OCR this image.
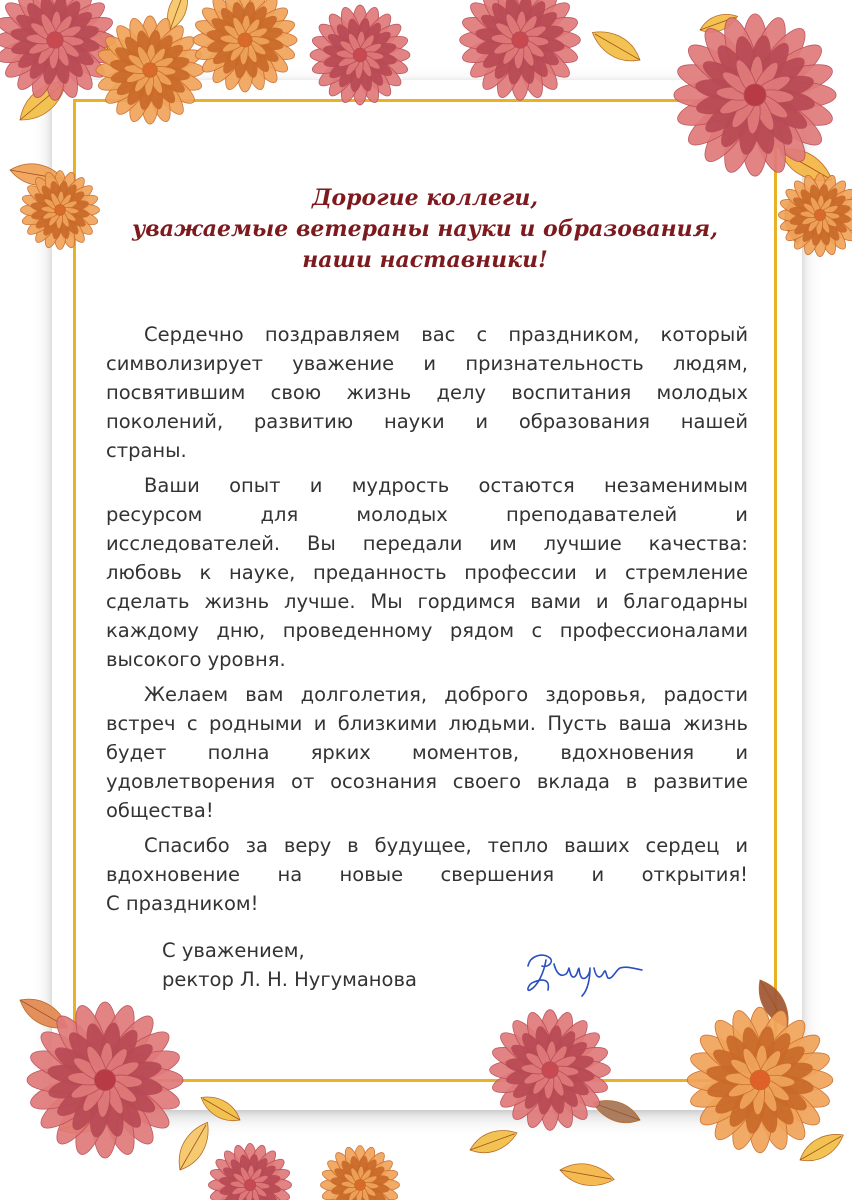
Дорогие коллеги,
уважаемые ветераны науки и образования,
наши наставники!
Сердечно поздравляем вас с праздником, который
символизирует уважение и признательность людям,
посвятившим свою жизнь делу воспитания молодых
поколений, развитию науки и образования нашей
страны.
Ваши опыт и мудрость остаются незаменимым
ресурсом для молодых преподавателей и
исследователей. Вы передали им лучшие качества:
любовь к науке, преданность профессии и стремление
сделать жизнь лучше. Мы гордимся вами и благодарны
каждому дню, проведенному рядом с профессионалами
высокого уровня.
Желаем вам долголетия, доброго здоровья, радости
встреч с родными и близкими людьми. Пусть ваша жизнь
будет полна ярких моментов, вдохновения и
удовлетворения от осознания своего вклада в развитие
общества!
Спасибо за веру в будущее, тепло ваших сердец и
вдохновение на новые свершения и открытия!
С праздником!
С уважением,
ректор Л. Н. Нугуманова
